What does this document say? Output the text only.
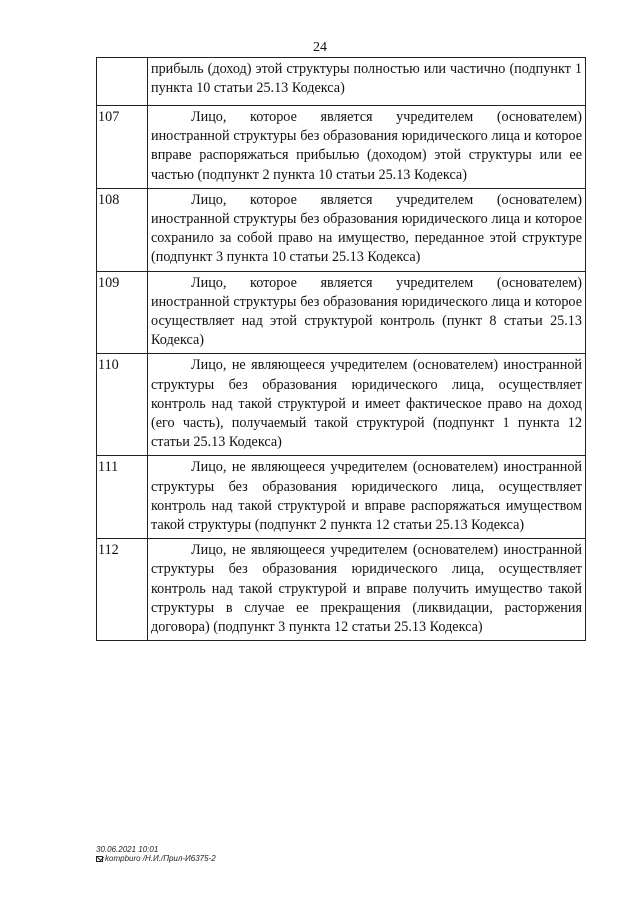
24
	прибыль (доход) этой структуры полностью или частично (подпункт 1 пункта 10 статьи 25.13 Кодекса)
107	Лицо, которое является учредителем (основателем) иностранной структуры без образования юридического лица и которое вправе распоряжаться прибылью (доходом) этой структуры или ее частью (подпункт 2 пункта 10 статьи 25.13 Кодекса)
108	Лицо, которое является учредителем (основателем) иностранной структуры без образования юридического лица и которое сохранило за собой право на имущество, переданное этой структуре (подпункт 3 пункта 10 статьи 25.13 Кодекса)
109	Лицо, которое является учредителем (основателем) иностранной структуры без образования юридического лица и которое осуществляет над этой структурой контроль (пункт 8 статьи 25.13 Кодекса)
110	Лицо, не являющееся учредителем (основателем) иностранной структуры без образования юридического лица, осуществляет контроль над такой структурой и имеет фактическое право на доход (его часть), получаемый такой структурой (подпункт 1 пункта 12 статьи 25.13 Кодекса)
111	Лицо, не являющееся учредителем (основателем) иностранной структуры без образования юридического лица, осуществляет контроль над такой структурой и вправе распоряжаться имуществом такой структуры (подпункт 2 пункта 12 статьи 25.13 Кодекса)
112	Лицо, не являющееся учредителем (основателем) иностранной структуры без образования юридического лица, осуществляет контроль над такой структурой и вправе получить имущество такой структуры в случае ее прекращения (ликвидации, расторжения договора) (подпункт 3 пункта 12 статьи 25.13 Кодекса)
30.06.2021 10:01
kompburo /Н.И./Прил-И6375-2
